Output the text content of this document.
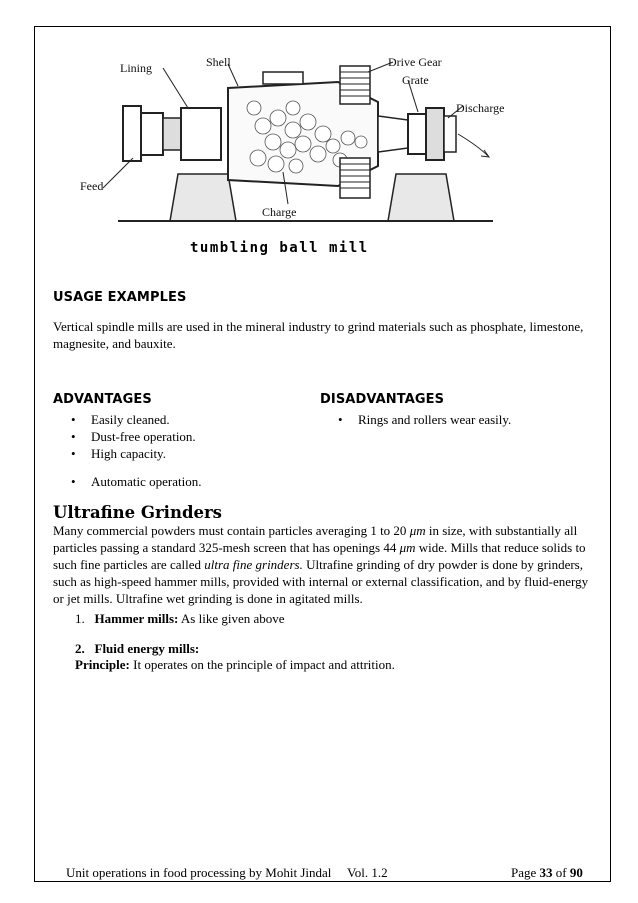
Lining	Shell	Drive Gear
Grate
Discharge
Feed
Charge
tumbling ball mill
USAGE EXAMPLES

Vertical spindle mills are used in the mineral industry to grind materials such as phosphate, limestone, magnesite, and bauxite.

ADVANTAGES
• Easily cleaned.
• Dust-free operation.
• High capacity.
• Automatic operation.
DISADVANTAGES
• Rings and rollers wear easily.
Ultrafine Grinders

Many commercial powders must contain particles averaging 1 to 20 μm in size, with substantially all particles passing a standard 325-mesh screen that has openings 44 μm wide. Mills that reduce solids to such fine particles are called ultra fine grinders. Ultrafine grinding of dry powder is done by grinders, such as high-speed hammer mills, provided with internal or external classification, and by fluid-energy or jet mills. Ultrafine wet grinding is done in agitated mills.

1. Hammer mills: As like given above
2. Fluid energy mills:
Principle: It operates on the principle of impact and attrition.
Unit operations in food processing by Mohit Jindal Vol. 1.2	Page 33 of 90
